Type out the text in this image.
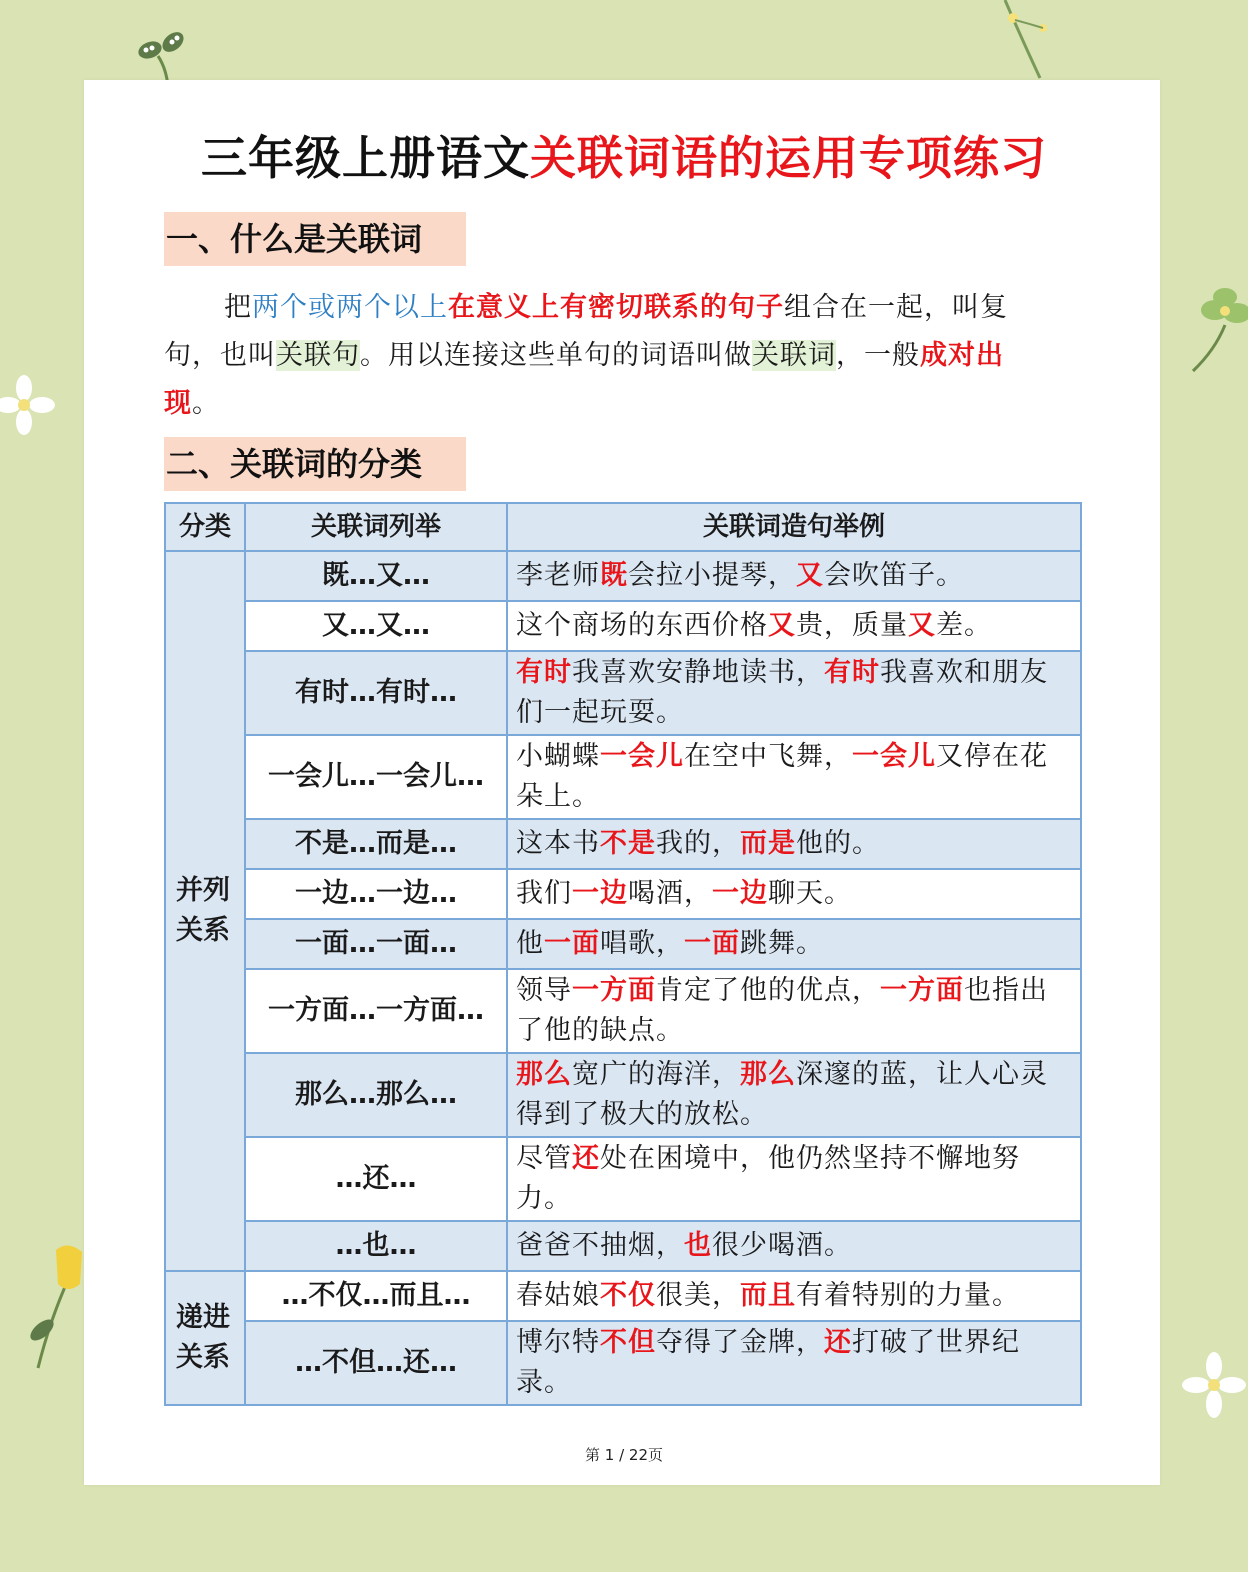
三年级上册语文关联词语的运用专项练习
一、什么是关联词
把两个或两个以上在意义上有密切联系的句子组合在一起，叫复句，也叫关联句。用以连接这些单句的词语叫做关联词，一般成对出现。
二、关联词的分类
分类	关联词列举	关联词造句举例
并列关系	既…又…	李老师既会拉小提琴，又会吹笛子。
	又…又…	这个商场的东西价格又贵，质量又差。
	有时…有时…	有时我喜欢安静地读书，有时我喜欢和朋友们一起玩耍。
	一会儿…一会儿…	小蝴蝶一会儿在空中飞舞，一会儿又停在花朵上。
	不是…而是…	这本书不是我的，而是他的。
	一边…一边…	我们一边喝酒，一边聊天。
	一面…一面…	他一面唱歌，一面跳舞。
	一方面…一方面…	领导一方面肯定了他的优点，一方面也指出了他的缺点。
	那么…那么…	那么宽广的海洋，那么深邃的蓝，让人心灵得到了极大的放松。
	…还…	尽管还处在困境中，他仍然坚持不懈地努力。
	…也…	爸爸不抽烟，也很少喝酒。
递进关系	…不仅…而且…	春姑娘不仅很美，而且有着特别的力量。
	…不但…还…	博尔特不但夺得了金牌，还打破了世界纪录。
第 1 / 22页
